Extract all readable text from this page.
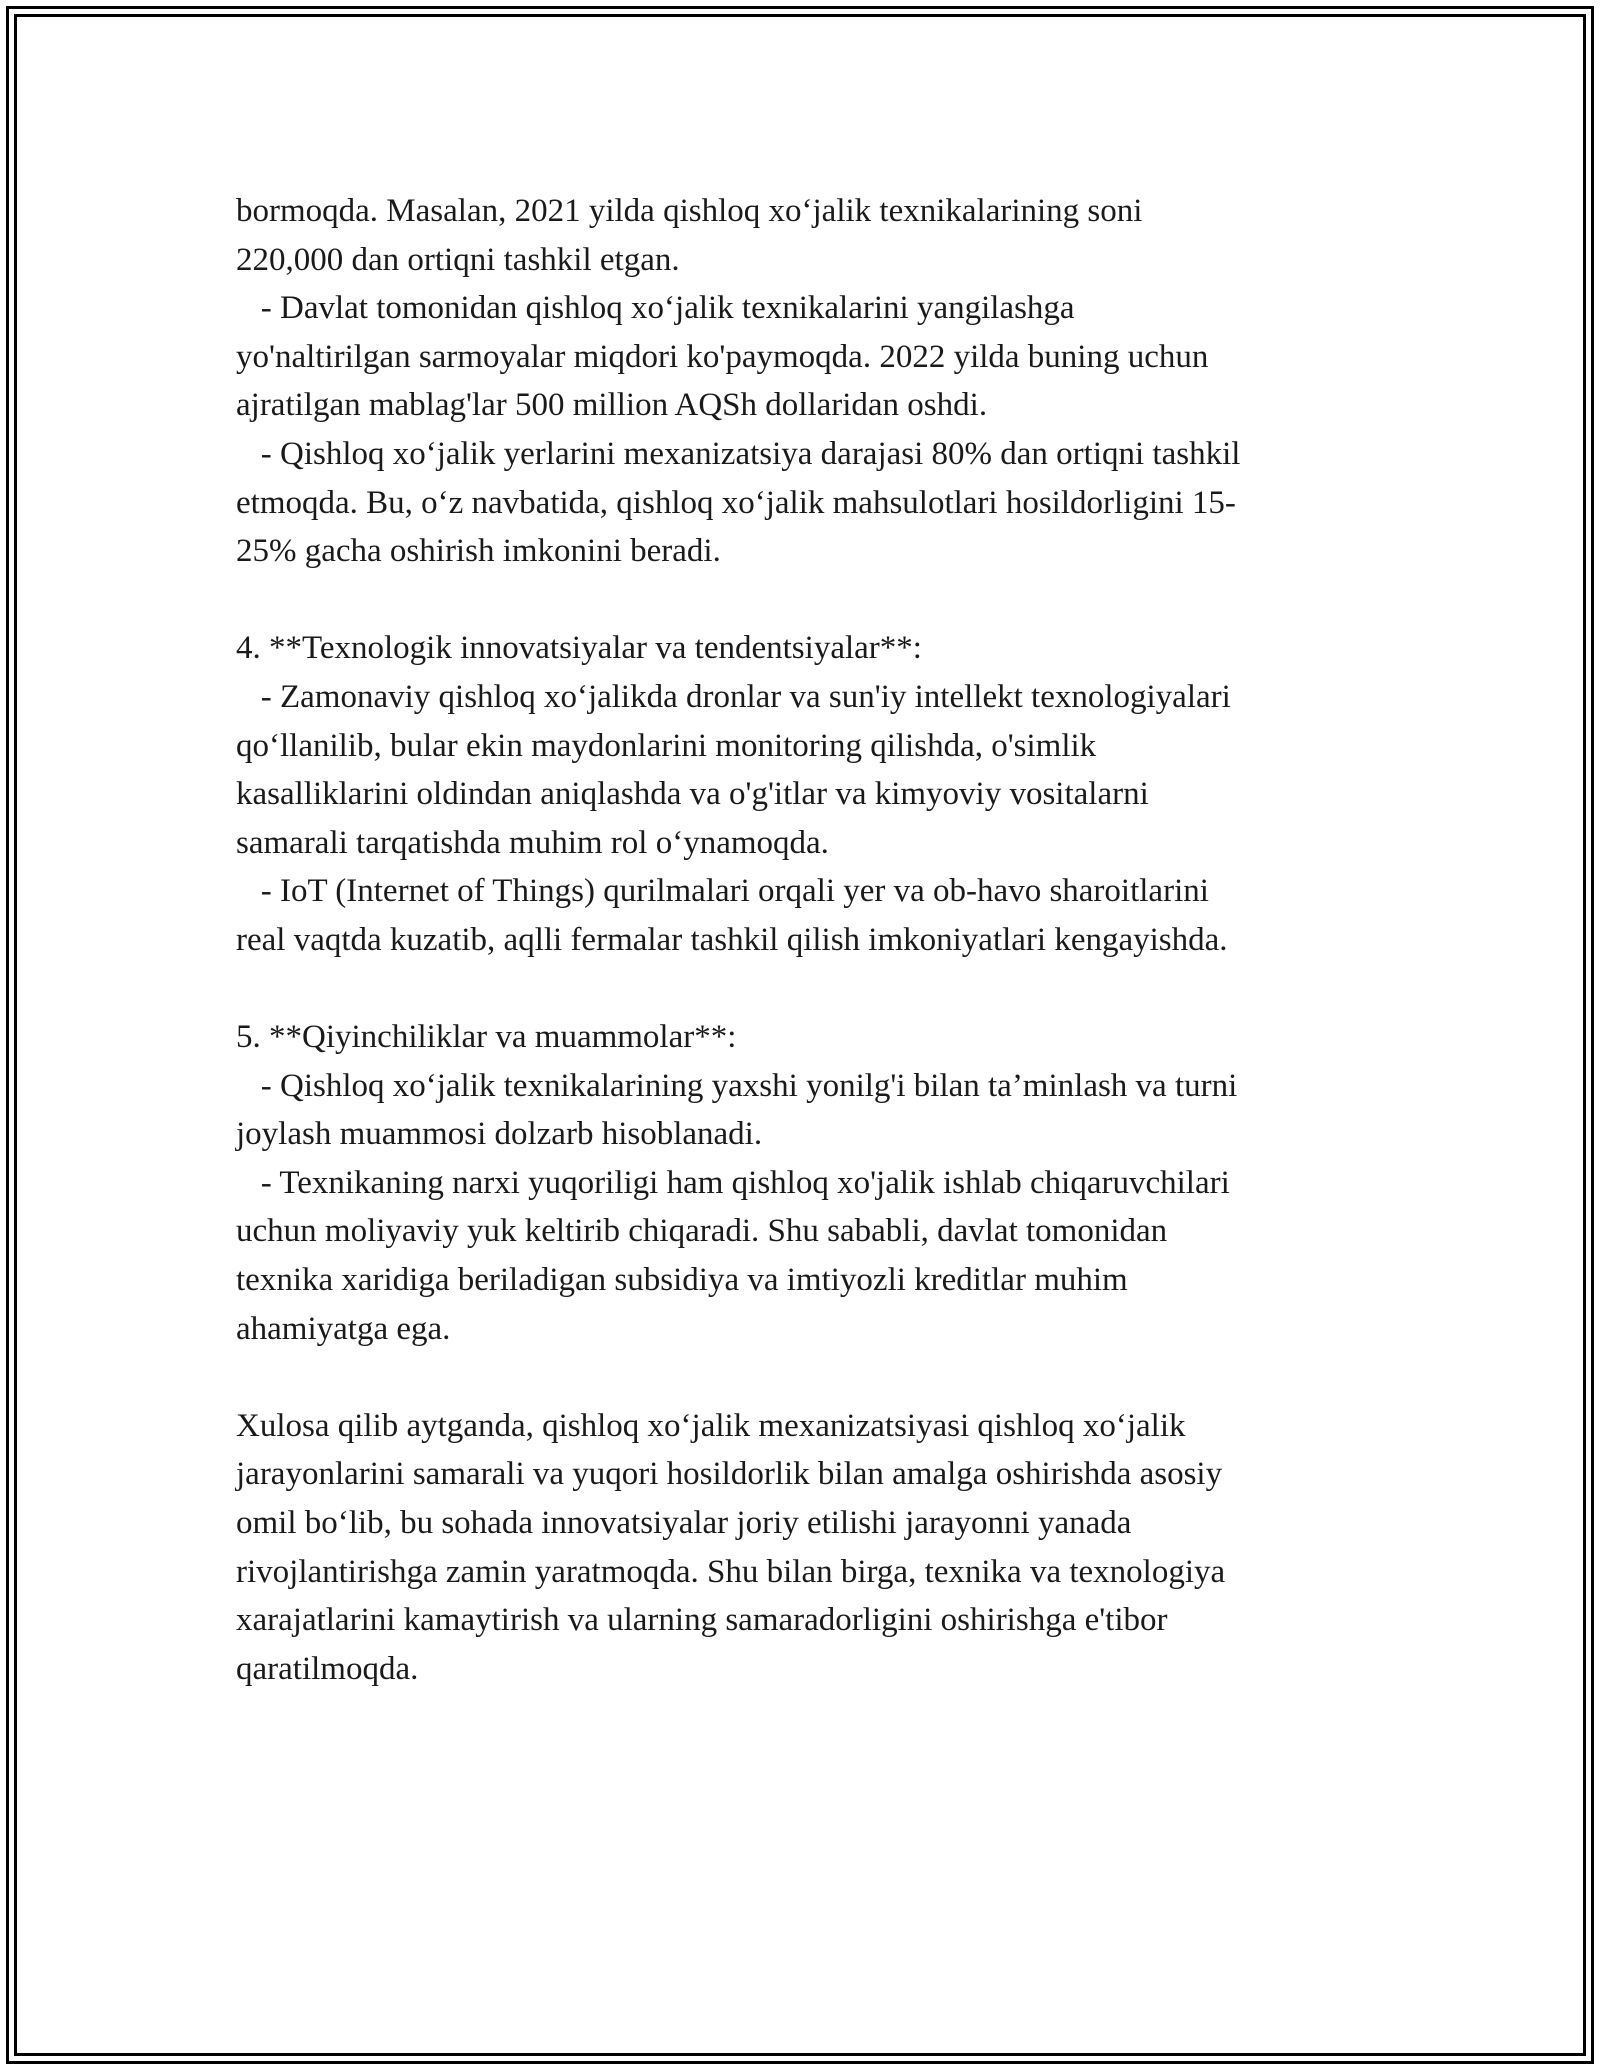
bormoqda. Masalan, 2021 yilda qishloq xo‘jalik texnikalarining soni
220,000 dan ortiqni tashkil etgan.
- Davlat tomonidan qishloq xo‘jalik texnikalarini yangilashga
yo'naltirilgan sarmoyalar miqdori ko'paymoqda. 2022 yilda buning uchun
ajratilgan mablag'lar 500 million AQSh dollaridan oshdi.
- Qishloq xo‘jalik yerlarini mexanizatsiya darajasi 80% dan ortiqni tashkil
etmoqda. Bu, o‘z navbatida, qishloq xo‘jalik mahsulotlari hosildorligini 15-
25% gacha oshirish imkonini beradi.
4. **Texnologik innovatsiyalar va tendentsiyalar**:
- Zamonaviy qishloq xo‘jalikda dronlar va sun'iy intellekt texnologiyalari
qo‘llanilib, bular ekin maydonlarini monitoring qilishda, o'simlik
kasalliklarini oldindan aniqlashda va o'g'itlar va kimyoviy vositalarni
samarali tarqatishda muhim rol o‘ynamoqda.
- IoT (Internet of Things) qurilmalari orqali yer va ob-havo sharoitlarini
real vaqtda kuzatib, aqlli fermalar tashkil qilish imkoniyatlari kengayishda.
5. **Qiyinchiliklar va muammolar**:
- Qishloq xo‘jalik texnikalarining yaxshi yonilg'i bilan ta’minlash va turni
joylash muammosi dolzarb hisoblanadi.
- Texnikaning narxi yuqoriligi ham qishloq xo'jalik ishlab chiqaruvchilari
uchun moliyaviy yuk keltirib chiqaradi. Shu sababli, davlat tomonidan
texnika xaridiga beriladigan subsidiya va imtiyozli kreditlar muhim
ahamiyatga ega.
Xulosa qilib aytganda, qishloq xo‘jalik mexanizatsiyasi qishloq xo‘jalik
jarayonlarini samarali va yuqori hosildorlik bilan amalga oshirishda asosiy
omil bo‘lib, bu sohada innovatsiyalar joriy etilishi jarayonni yanada
rivojlantirishga zamin yaratmoqda. Shu bilan birga, texnika va texnologiya
xarajatlarini kamaytirish va ularning samaradorligini oshirishga e'tibor
qaratilmoqda.
